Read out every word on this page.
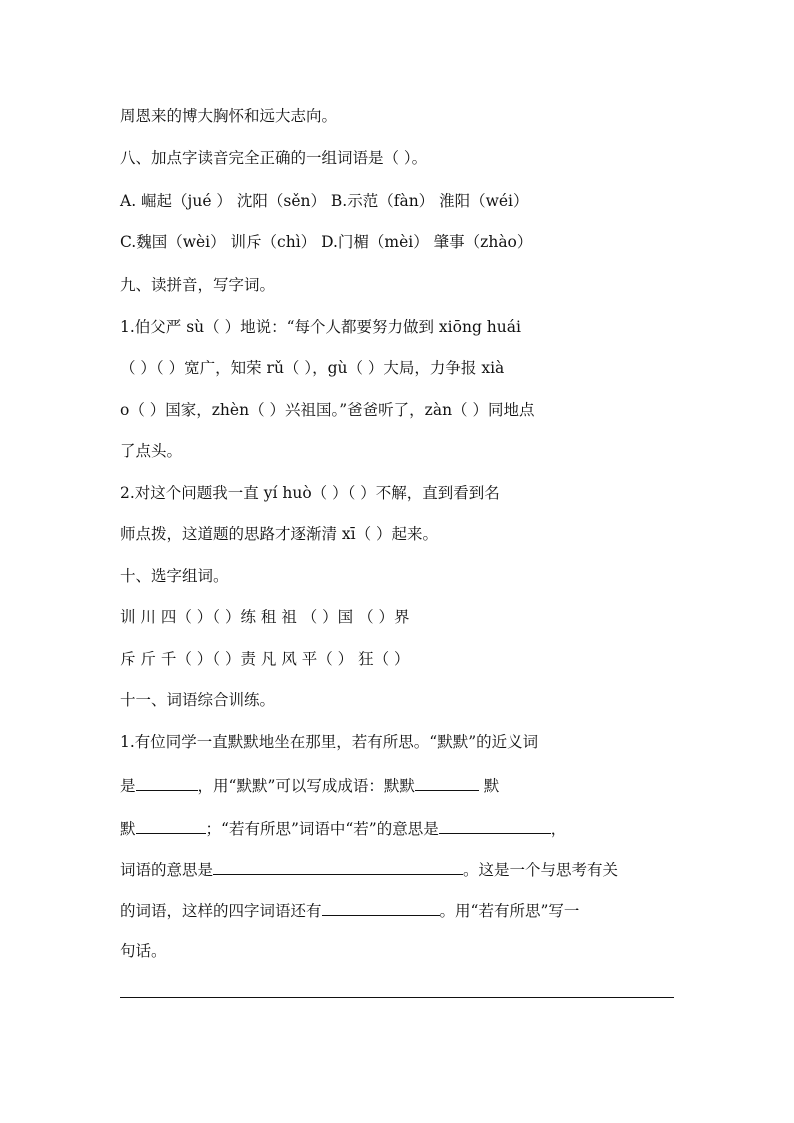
周恩来的博大胸怀和远大志向。
八、加点字读音完全正确的一组词语是（ ）。
A. 崛起（jué ） 沈阳（sěn） B.示范（fàn） 淮阳（wéi）
C.魏国（wèi） 训斥（chì） D.门楣（mèi） 肇事（zhào）
九、读拼音，写字词。
1.伯父严 sù（ ）地说：“每个人都要努力做到 xiōng huái
（ ）（ ）宽广，知荣 rǔ（ ），gù（ ）大局，力争报 xià
o（ ）国家，zhèn（ ）兴祖国。”爸爸听了，zàn（ ）同地点
了点头。
2.对这个问题我一直 yí huò（ ）（ ）不解，直到看到名
师点拨，这道题的思路才逐渐清 xī（ ）起来。
十、选字组词。
训 川 四（ ）（ ）练 租 祖 （ ）国 （ ）界
斥 斤 千（ ）（ ）责 凡 风 平（ ） 狂（ ）
十一、词语综合训练。
1.有位同学一直默默地坐在那里，若有所思。“默默”的近义词
是	，用“默默”可以写成成语：默默	默
默	；“若有所思”词语中“若”的意思是	，
词语的意思是	。这是一个与思考有关
的词语，这样的四字词语还有	。用“若有所思”写一
句话。
